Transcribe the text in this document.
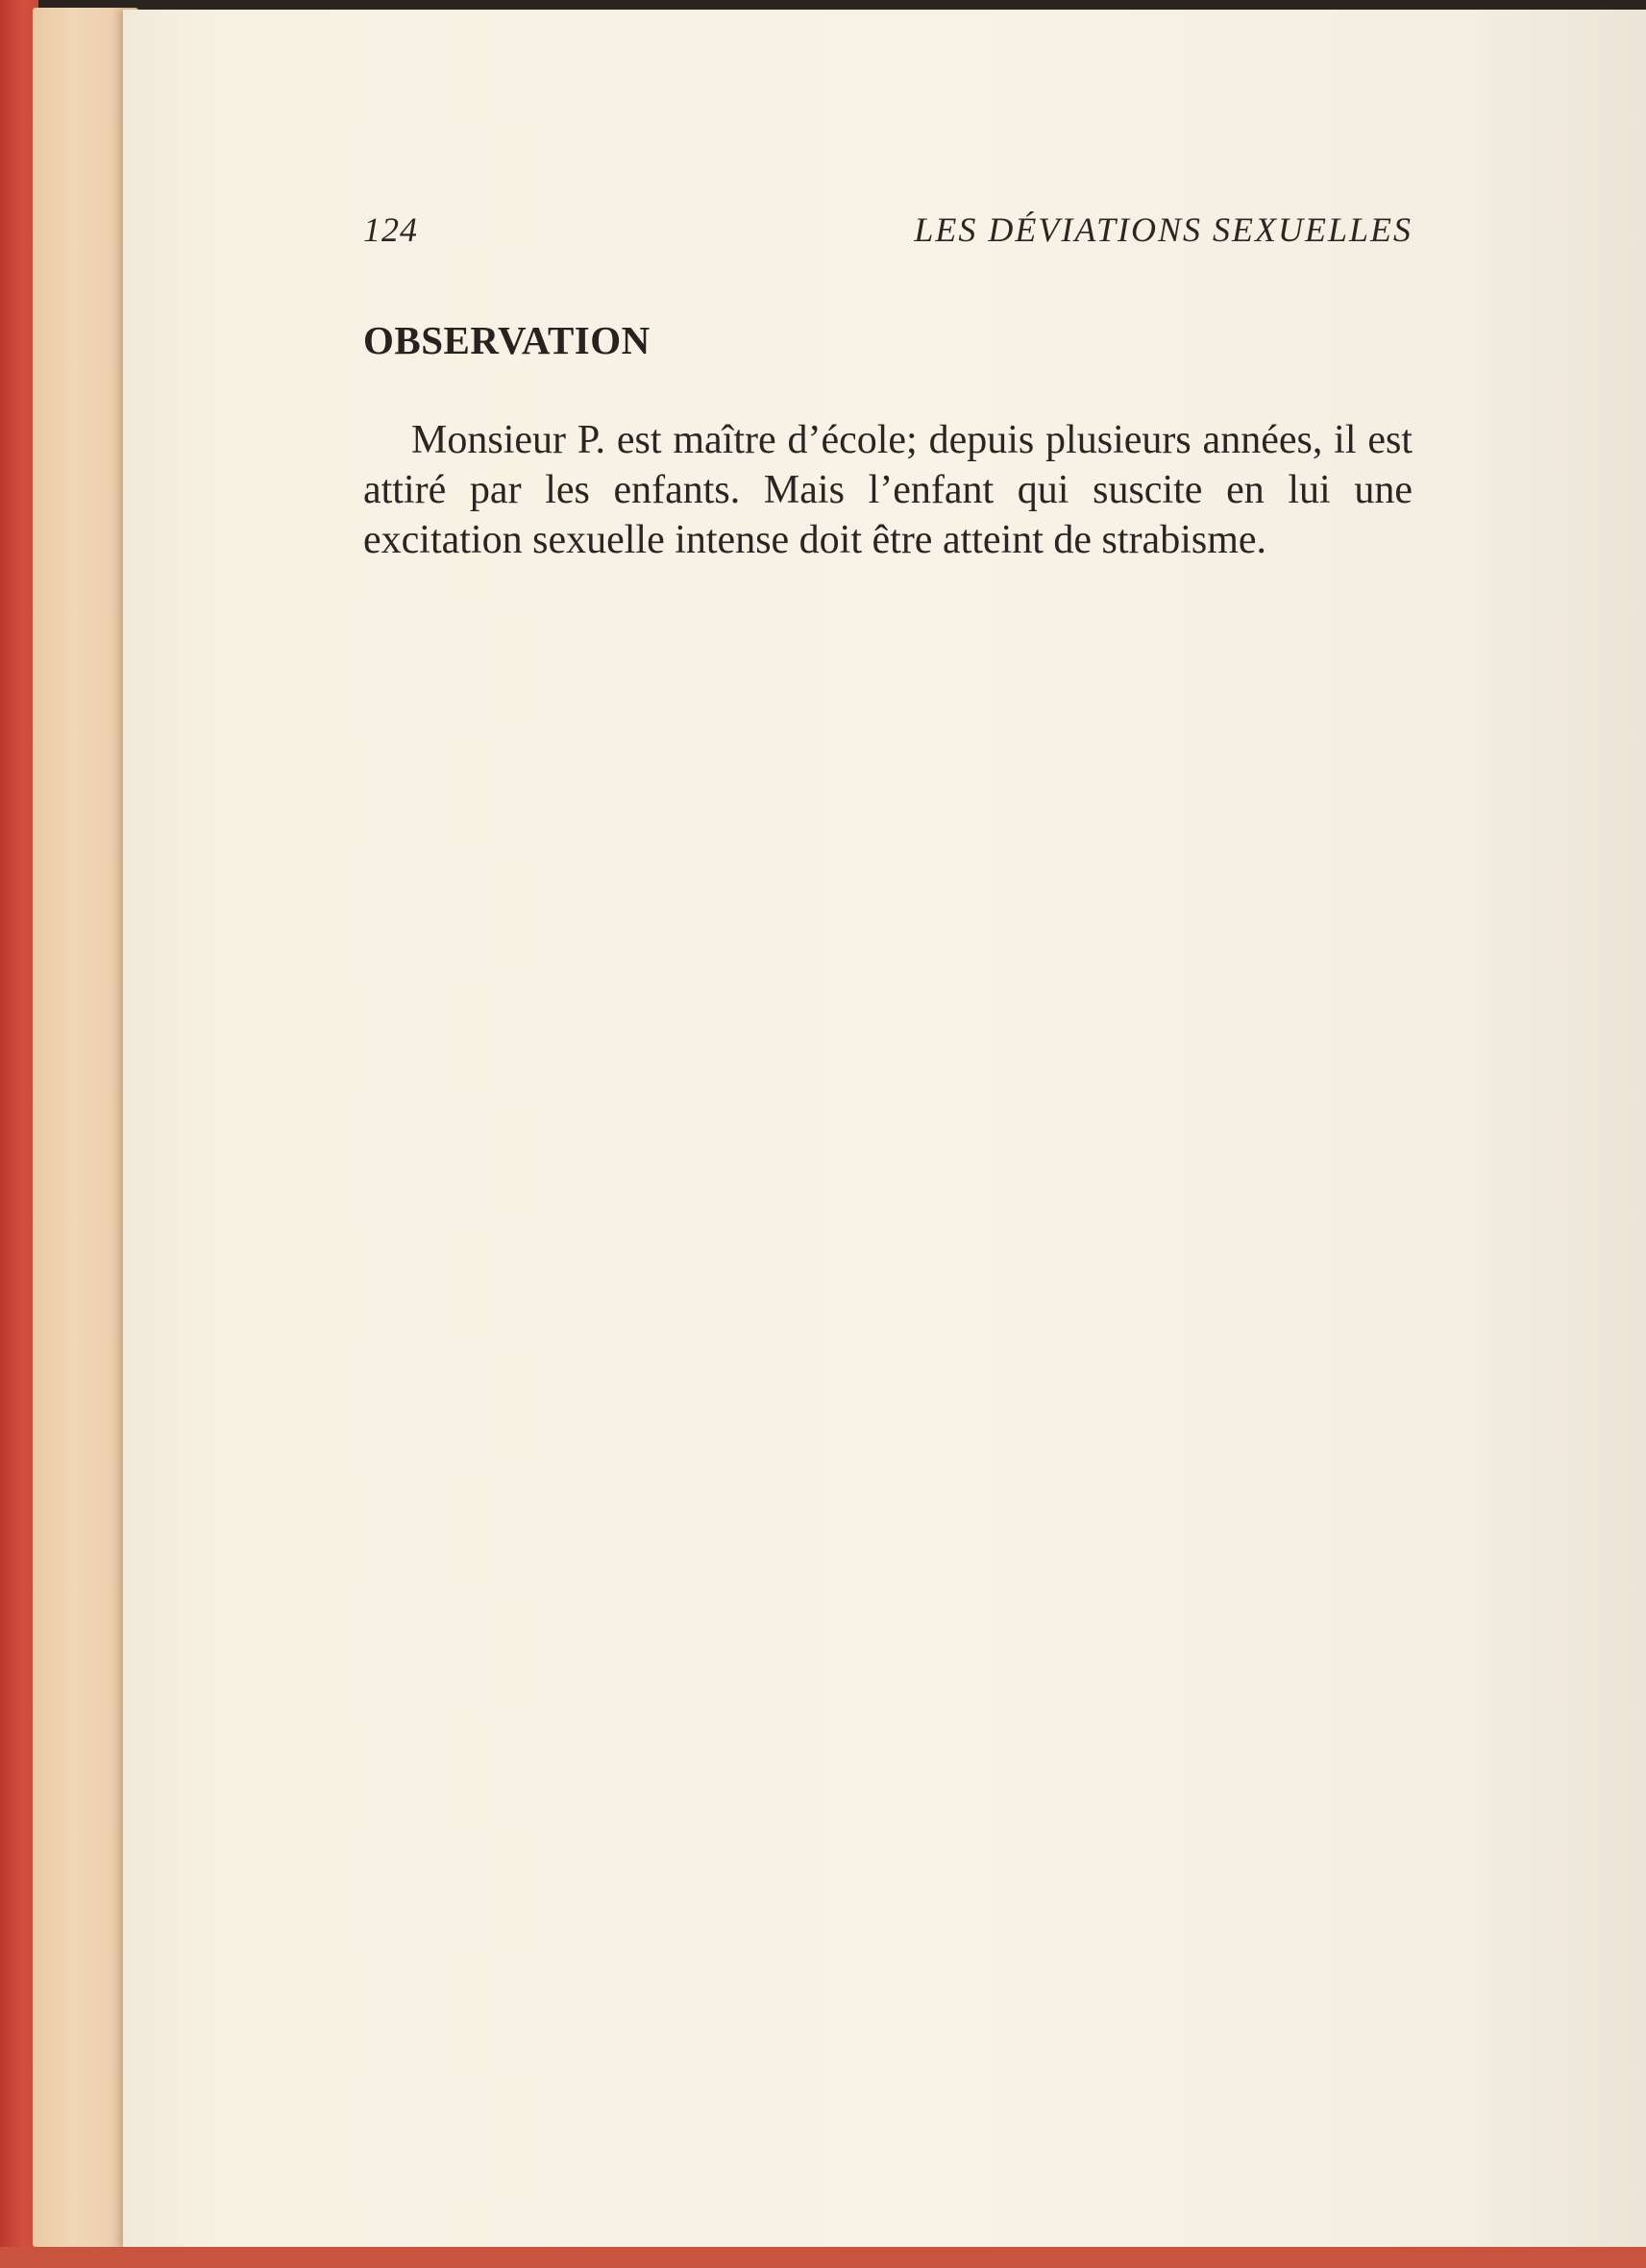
124	LES DÉVIATIONS SEXUELLES
OBSERVATION

Monsieur P. est maître d’école; depuis plusieurs années, il est attiré par les enfants. Mais l’enfant qui suscite en lui une excitation sexuelle intense doit être atteint de strabisme.
